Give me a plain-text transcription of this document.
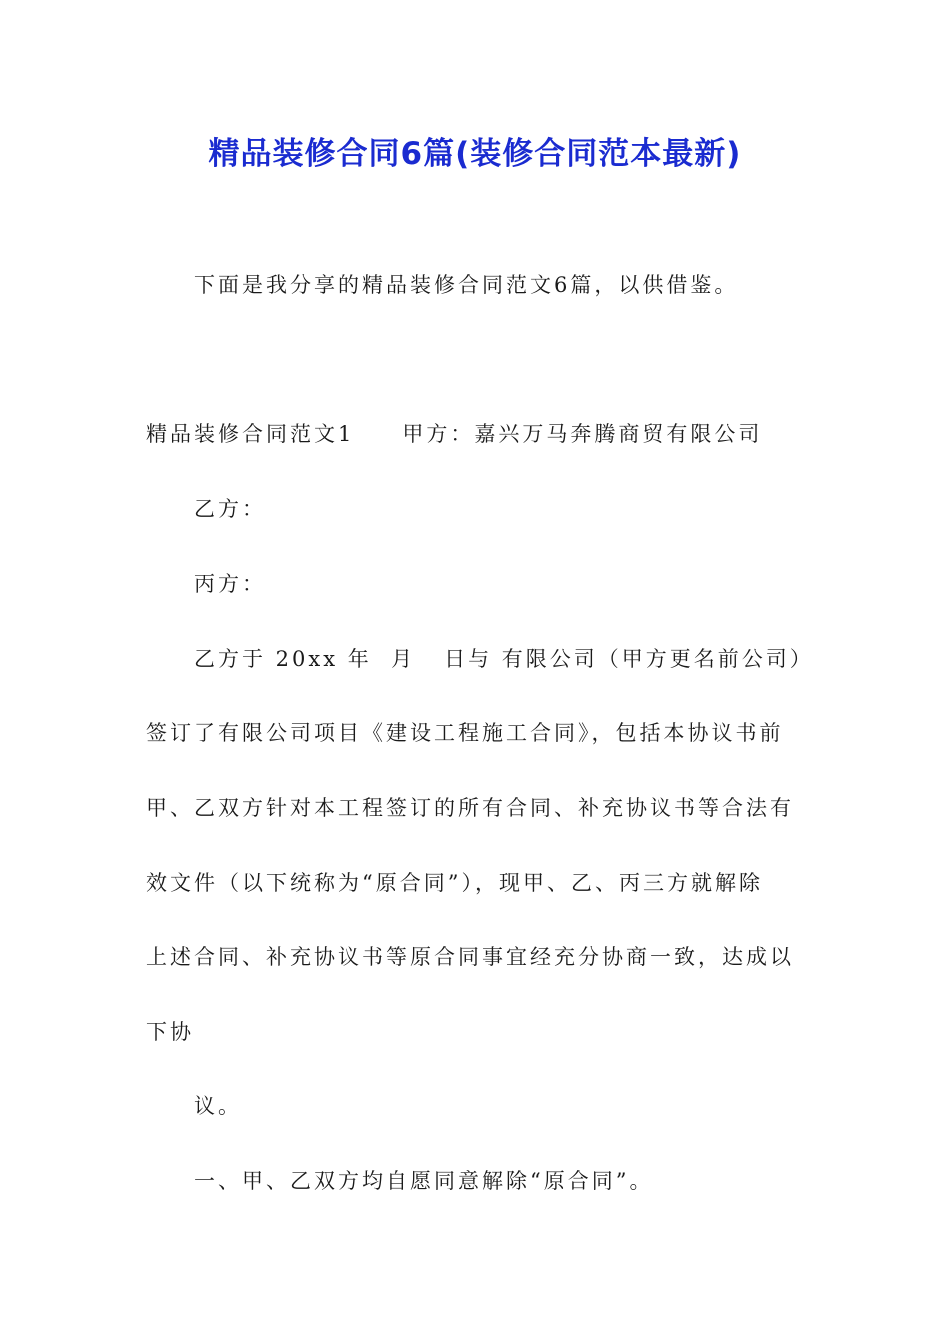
精品装修合同6篇(装修合同范本最新)
下面是我分享的精品装修合同范文6篇，以供借鉴。
精品装修合同范文1 甲方：嘉兴万马奔腾商贸有限公司
乙方：
丙方：
乙方于 20xx 年  月   日与 有限公司（甲方更名前公司）
签订了有限公司项目《建设工程施工合同》，包括本协议书前
甲、乙双方针对本工程签订的所有合同、补充协议书等合法有
效文件（以下统称为“原合同”），现甲、乙、丙三方就解除
上述合同、补充协议书等原合同事宜经充分协商一致，达成以
下协
议。
一、甲、乙双方均自愿同意解除“原合同”。
